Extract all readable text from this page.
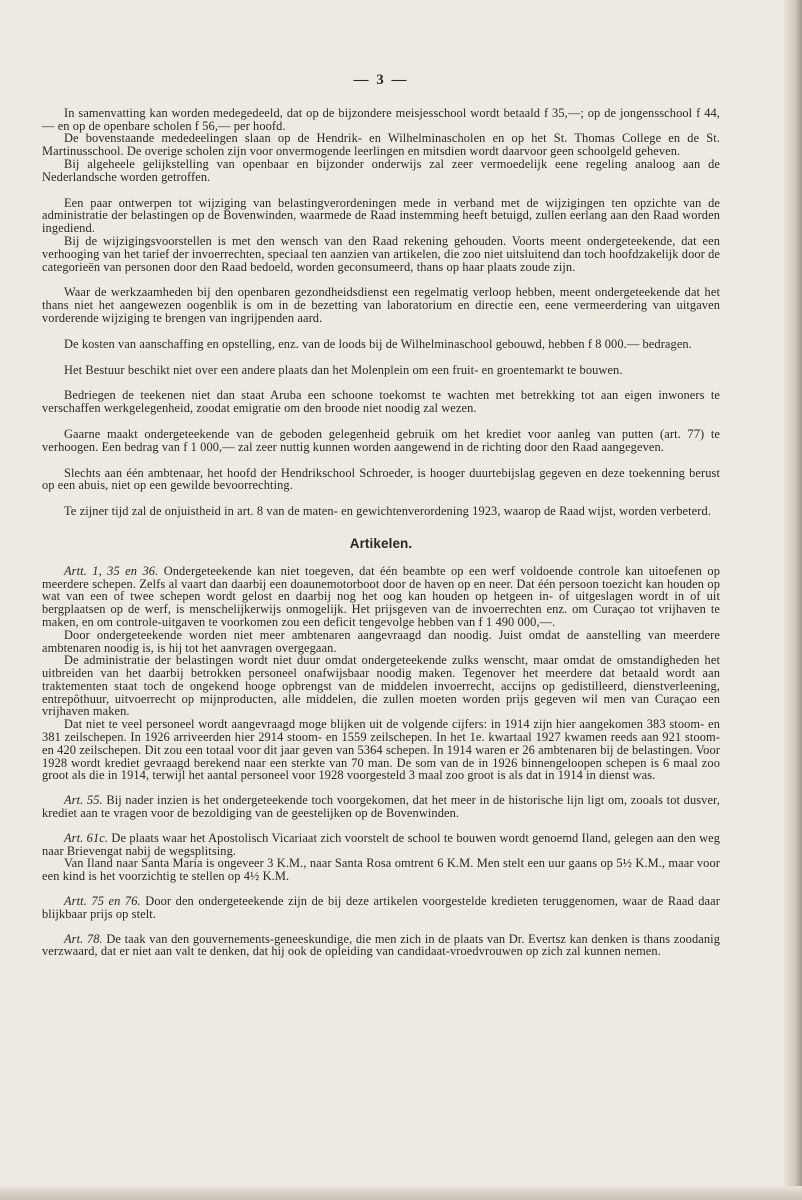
— 3 —

In samenvatting kan worden medegedeeld, dat op de bijzondere meisjesschool wordt betaald f 35,—; op de jongensschool f 44,— en op de openbare scholen f 56,— per hoofd.

De bovenstaande mededeelingen slaan op de Hendrik- en Wilhelminascholen en op het St. Thomas College en de St. Martinusschool. De overige scholen zijn voor onvermogende leerlingen en mitsdien wordt daarvoor geen schoolgeld geheven.

Bij algeheele gelijkstelling van openbaar en bijzonder onderwijs zal zeer vermoedelijk eene regeling analoog aan de Nederlandsche worden getroffen.

Een paar ontwerpen tot wijziging van belastingverordeningen mede in verband met de wijzigingen ten opzichte van de administratie der belastingen op de Bovenwinden, waarmede de Raad instemming heeft betuigd, zullen eerlang aan den Raad worden ingediend.

Bij de wijzigingsvoorstellen is met den wensch van den Raad rekening gehouden. Voorts meent ondergeteekende, dat een verhooging van het tarief der invoerrechten, speciaal ten aanzien van artikelen, die zoo niet uitsluitend dan toch hoofdzakelijk door de categorieën van personen door den Raad bedoeld, worden geconsumeerd, thans op haar plaats zoude zijn.

Waar de werkzaamheden bij den openbaren gezondheidsdienst een regelmatig verloop hebben, meent ondergeteekende dat het thans niet het aangewezen oogenblik is om in de bezetting van laboratorium en directie een, eene vermeerdering van uitgaven vorderende wijziging te brengen van ingrijpenden aard.

De kosten van aanschaffing en opstelling, enz. van de loods bij de Wilhelminaschool gebouwd, hebben f 8 000.— bedragen.

Het Bestuur beschikt niet over een andere plaats dan het Molenplein om een fruit- en groentemarkt te bouwen.

Bedriegen de teekenen niet dan staat Aruba een schoone toekomst te wachten met betrekking tot aan eigen inwoners te verschaffen werkgelegenheid, zoodat emigratie om den broode niet noodig zal wezen.

Gaarne maakt ondergeteekende van de geboden gelegenheid gebruik om het krediet voor aanleg van putten (art. 77) te verhoogen. Een bedrag van f 1 000,— zal zeer nuttig kunnen worden aangewend in de richting door den Raad aangegeven.

Slechts aan één ambtenaar, het hoofd der Hendrikschool Schroeder, is hooger duurtebijslag gegeven en deze toekenning berust op een abuis, niet op een gewilde bevoorrechting.

Te zijner tijd zal de onjuistheid in art. 8 van de maten- en gewichtenverordening 1923, waarop de Raad wijst, worden verbeterd.

Artikelen.

Artt. 1, 35 en 36. Ondergeteekende kan niet toegeven, dat één beambte op een werf voldoende controle kan uitoefenen op meerdere schepen. Zelfs al vaart dan daarbij een doaunemotorboot door de haven op en neer. Dat één persoon toezicht kan houden op wat van een of twee schepen wordt gelost en daarbij nog het oog kan houden op hetgeen in- of uitgeslagen wordt in of uit bergplaatsen op de werf, is menschelijkerwijs onmogelijk. Het prijsgeven van de invoerrechten enz. om Curaçao tot vrijhaven te maken, en om controle-uitgaven te voorkomen zou een deficit tengevolge hebben van f 1 490 000,—.

Door ondergeteekende worden niet meer ambtenaren aangevraagd dan noodig. Juist omdat de aanstelling van meerdere ambtenaren noodig is, is hij tot het aanvragen overgegaan.

De administratie der belastingen wordt niet duur omdat ondergeteekende zulks wenscht, maar omdat de omstandigheden het uitbreiden van het daarbij betrokken personeel onafwijsbaar noodig maken. Tegenover het meerdere dat betaald wordt aan traktementen staat toch de ongekend hooge opbrengst van de middelen invoerrecht, accijns op gedistilleerd, dienstverleening, entrepôthuur, uitvoerrecht op mijnproducten, alle middelen, die zullen moeten worden prijs gegeven wil men van Curaçao een vrijhaven maken.

Dat niet te veel personeel wordt aangevraagd moge blijken uit de volgende cijfers: in 1914 zijn hier aangekomen 383 stoom- en 381 zeilschepen. In 1926 arriveerden hier 2914 stoom- en 1559 zeilschepen. In het 1e. kwartaal 1927 kwamen reeds aan 921 stoom- en 420 zeilschepen. Dit zou een totaal voor dit jaar geven van 5364 schepen. In 1914 waren er 26 ambtenaren bij de belastingen. Voor 1928 wordt krediet gevraagd berekend naar een sterkte van 70 man. De som van de in 1926 binnengeloopen schepen is 6 maal zoo groot als die in 1914, terwijl het aantal personeel voor 1928 voorgesteld 3 maal zoo groot is als dat in 1914 in dienst was.

Art. 55. Bij nader inzien is het ondergeteekende toch voorgekomen, dat het meer in de historische lijn ligt om, zooals tot dusver, krediet aan te vragen voor de bezoldiging van de geestelijken op de Bovenwinden.

Art. 61c. De plaats waar het Apostolisch Vicariaat zich voorstelt de school te bouwen wordt genoemd Iland, gelegen aan den weg naar Brievengat nabij de wegsplitsing.

Van Iland naar Santa Maria is ongeveer 3 K.M., naar Santa Rosa omtrent 6 K.M. Men stelt een uur gaans op 5½ K.M., maar voor een kind is het voorzichtig te stellen op 4½ K.M.

Artt. 75 en 76. Door den ondergeteekende zijn de bij deze artikelen voorgestelde kredieten teruggenomen, waar de Raad daar blijkbaar prijs op stelt.

Art. 78. De taak van den gouvernements-geneeskundige, die men zich in de plaats van Dr. Evertsz kan denken is thans zoodanig verzwaard, dat er niet aan valt te denken, dat hij ook de opleiding van candidaat-vroedvrouwen op zich zal kunnen nemen.
